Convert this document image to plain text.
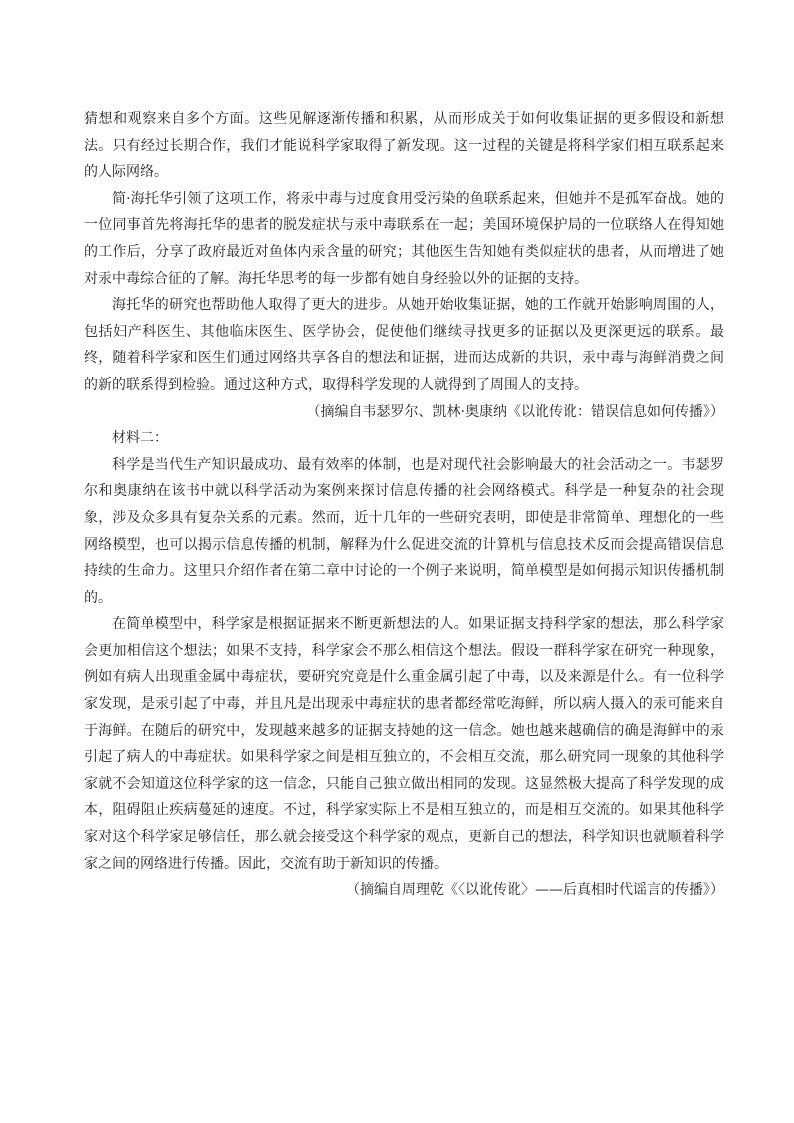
猜想和观察来自多个方面。这些见解逐渐传播和积累，从而形成关于如何收集证据的更多假设和新想法。只有经过长期合作，我们才能说科学家取得了新发现。这一过程的关键是将科学家们相互联系起来的人际网络。

简·海托华引领了这项工作，将汞中毒与过度食用受污染的鱼联系起来，但她并不是孤军奋战。她的一位同事首先将海托华的患者的脱发症状与汞中毒联系在一起；美国环境保护局的一位联络人在得知她的工作后，分享了政府最近对鱼体内汞含量的研究；其他医生告知她有类似症状的患者，从而增进了她对汞中毒综合征的了解。海托华思考的每一步都有她自身经验以外的证据的支持。

海托华的研究也帮助他人取得了更大的进步。从她开始收集证据，她的工作就开始影响周围的人，包括妇产科医生、其他临床医生、医学协会，促使他们继续寻找更多的证据以及更深更远的联系。最终，随着科学家和医生们通过网络共享各自的想法和证据，进而达成新的共识，汞中毒与海鲜消费之间的新的联系得到检验。通过这种方式，取得科学发现的人就得到了周围人的支持。

（摘编自韦瑟罗尔、凯林·奥康纳《以讹传讹：错误信息如何传播》）

材料二：

科学是当代生产知识最成功、最有效率的体制，也是对现代社会影响最大的社会活动之一。韦瑟罗尔和奥康纳在该书中就以科学活动为案例来探讨信息传播的社会网络模式。科学是一种复杂的社会现象，涉及众多具有复杂关系的元素。然而，近十几年的一些研究表明，即使是非常简单、理想化的一些网络模型，也可以揭示信息传播的机制，解释为什么促进交流的计算机与信息技术反而会提高错误信息持续的生命力。这里只介绍作者在第二章中讨论的一个例子来说明，简单模型是如何揭示知识传播机制的。

在简单模型中，科学家是根据证据来不断更新想法的人。如果证据支持科学家的想法，那么科学家会更加相信这个想法；如果不支持，科学家会不那么相信这个想法。假设一群科学家在研究一种现象，例如有病人出现重金属中毒症状，要研究究竟是什么重金属引起了中毒，以及来源是什么。有一位科学家发现，是汞引起了中毒，并且凡是出现汞中毒症状的患者都经常吃海鲜，所以病人摄入的汞可能来自于海鲜。在随后的研究中，发现越来越多的证据支持她的这一信念。她也越来越确信的确是海鲜中的汞引起了病人的中毒症状。如果科学家之间是相互独立的，不会相互交流，那么研究同一现象的其他科学家就不会知道这位科学家的这一信念，只能自己独立做出相同的发现。这显然极大提高了科学发现的成本，阻碍阻止疾病蔓延的速度。不过，科学家实际上不是相互独立的，而是相互交流的。如果其他科学家对这个科学家足够信任，那么就会接受这个科学家的观点，更新自己的想法，科学知识也就顺着科学家之间的网络进行传播。因此，交流有助于新知识的传播。

（摘编自周理乾《〈以讹传讹〉——后真相时代谣言的传播》）
